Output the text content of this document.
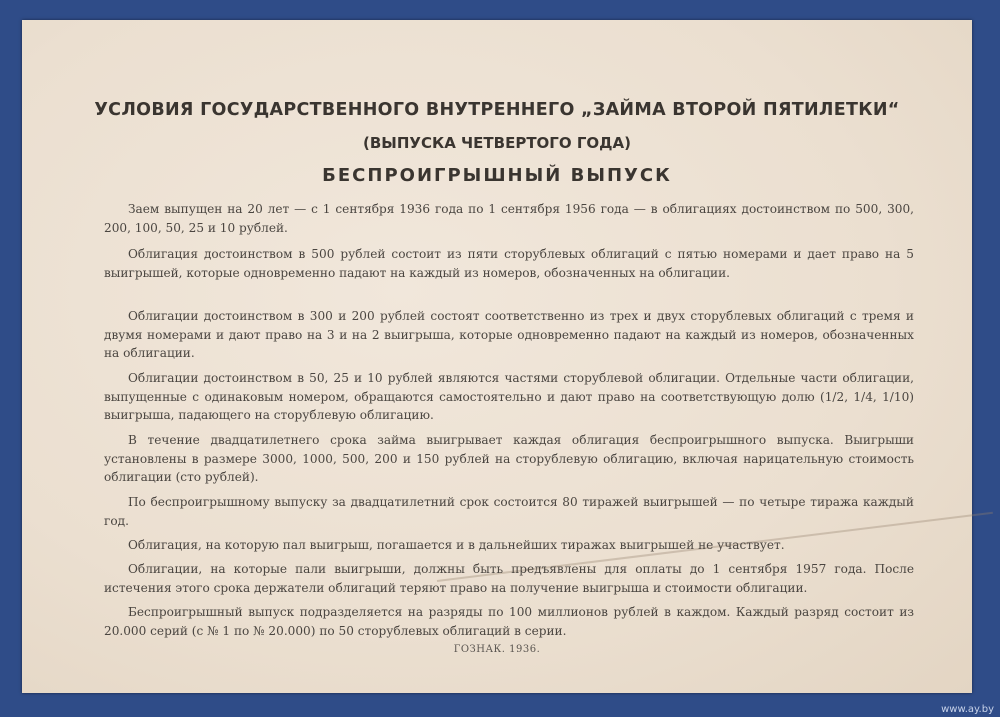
УСЛОВИЯ ГОСУДАРСТВЕННОГО ВНУТРЕННЕГО „ЗАЙМА ВТОРОЙ ПЯТИЛЕТКИ“
(ВЫПУСКА ЧЕТВЕРТОГО ГОДА)
БЕСПРОИГРЫШНЫЙ ВЫПУСК

Заем выпущен на 20 лет — с 1 сентября 1936 года по 1 сентября 1956 года — в облигациях достоинством по 500, 300, 200, 100, 50, 25 и 10 рублей.

Облигация достоинством в 500 рублей состоит из пяти сторублевых облигаций с пятью номерами и дает право на 5 выигрышей, которые одновременно падают на каждый из номеров, обозначенных на облигации.

Облигации достоинством в 300 и 200 рублей состоят соответственно из трех и двух сторублевых облигаций с тремя и двумя номерами и дают право на 3 и на 2 выигрыша, которые одновременно падают на каждый из номеров, обозначенных на облигации.

Облигации достоинством в 50, 25 и 10 рублей являются частями сторублевой облигации. Отдельные части облигации, выпущенные с одинаковым номером, обращаются самостоятельно и дают право на соответствующую долю (1/2, 1/4, 1/10) выигрыша, падающего на сторублевую облигацию.

В течение двадцатилетнего срока займа выигрывает каждая облигация беспроигрышного выпуска. Выигрыши установлены в размере 3000, 1000, 500, 200 и 150 рублей на сторублевую облигацию, включая нарицательную стоимость облигации (сто рублей).

По беспроигрышному выпуску за двадцатилетний срок состоится 80 тиражей выигрышей — по четыре тиража каждый год.

Облигация, на которую пал выигрыш, погашается и в дальнейших тиражах выигрышей не участвует.

Облигации, на которые пали выигрыши, должны быть предъявлены для оплаты до 1 сентября 1957 года. После истечения этого срока держатели облигаций теряют право на получение выигрыша и стоимости облигации.

Беспроигрышный выпуск подразделяется на разряды по 100 миллионов рублей в каждом. Каждый разряд состоит из 20.000 серий (с № 1 по № 20.000) по 50 сторублевых облигаций в серии.

ГОЗНАК. 1936.
www.ay.by
